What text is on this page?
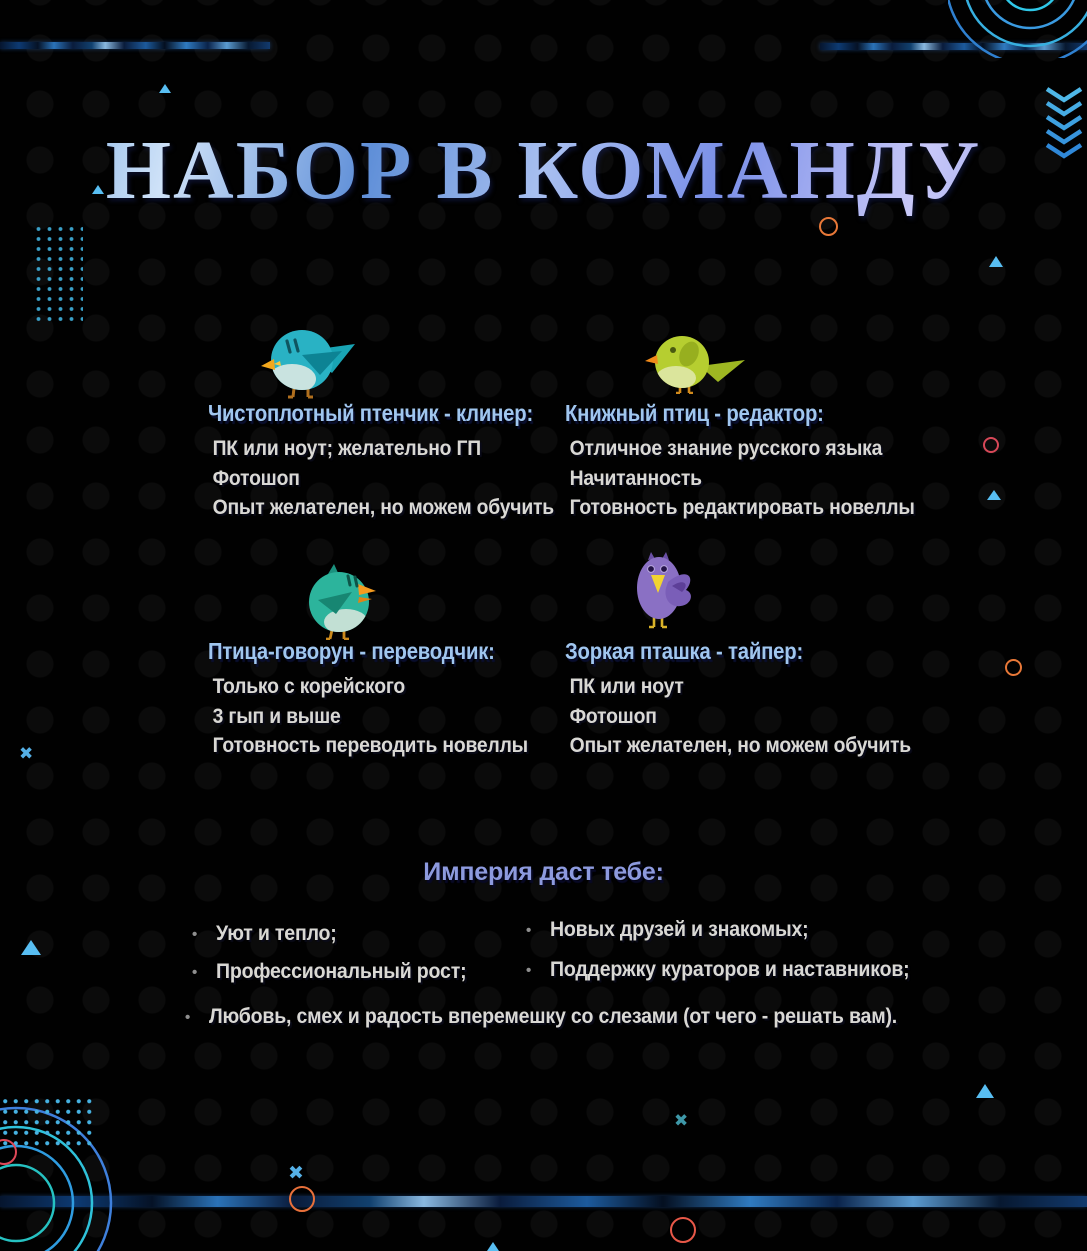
✖
✖
✖
НАБОР В КОМАНДУ
Чистоплотный птенчик - клинер:
ПК или ноут; желательно ГП
Фотошоп
Опыт желателен, но можем обучить
Книжный птиц - редактор:
Отличное знание русского языка
Начитанность
Готовность редактировать новеллы
Птица-говорун - переводчик:
Только с корейского
3 гып и выше
Готовность переводить новеллы
Зоркая пташка - тайпер:
ПК или ноут
Фотошоп
Опыт желателен, но можем обучить
Империя даст тебе:
• Уют и тепло;
• Профессиональный рост;
• Новых друзей и знакомых;
• Поддержку кураторов и наставников;
• Любовь, смех и радость вперемешку со слезами (от чего - решать вам).
